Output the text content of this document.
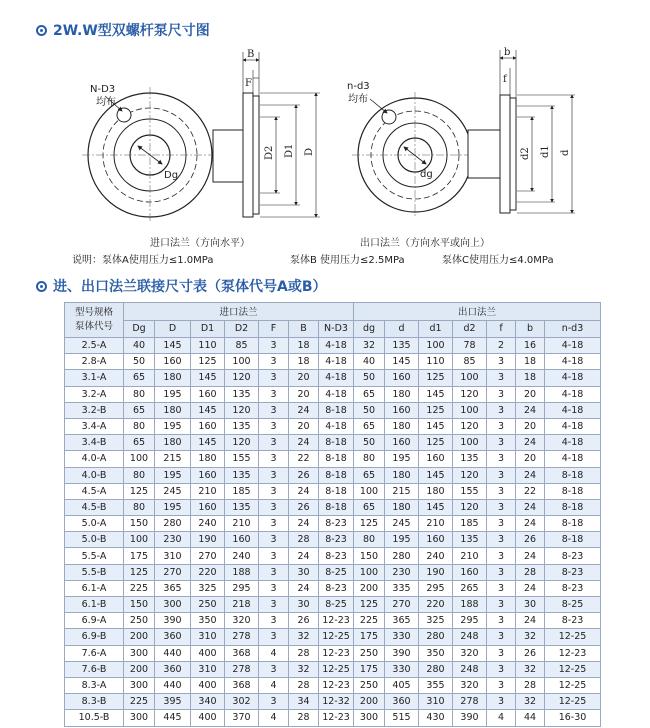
2W.W型双螺杆泵尺寸图
N-D3
均布
Dg
B
F
D2 D1 D
n-d3
均布
dg
b
f
d2 d1 d
进口法兰（方向水平）	出口法兰（方向水平或向上）
说明：泵体A使用压力≤1.0MPa	泵体B 使用压力≤2.5MPa	泵体C使用压力≤4.0MPa
进、出口法兰联接尺寸表（泵体代号A或B）
型号规格
泵体代号	进口法兰							出口法兰						
	Dg	D	D1	D2	F	B	N-D3	dg	d	d1	d2	f	b	n-d3
2.5-A	40	145	110	85	3	18	4-18	32	135	100	78	2	16	4-18
2.8-A	50	160	125	100	3	18	4-18	40	145	110	85	3	18	4-18
3.1-A	65	180	145	120	3	20	4-18	50	160	125	100	3	18	4-18
3.2-A	80	195	160	135	3	20	4-18	65	180	145	120	3	20	4-18
3.2-B	65	180	145	120	3	24	8-18	50	160	125	100	3	24	4-18
3.4-A	80	195	160	135	3	20	4-18	65	180	145	120	3	20	4-18
3.4-B	65	180	145	120	3	24	8-18	50	160	125	100	3	24	4-18
4.0-A	100	215	180	155	3	22	8-18	80	195	160	135	3	20	4-18
4.0-B	80	195	160	135	3	26	8-18	65	180	145	120	3	24	8-18
4.5-A	125	245	210	185	3	24	8-18	100	215	180	155	3	22	8-18
4.5-B	80	195	160	135	3	26	8-18	65	180	145	120	3	24	8-18
5.0-A	150	280	240	210	3	24	8-23	125	245	210	185	3	24	8-18
5.0-B	100	230	190	160	3	28	8-23	80	195	160	135	3	26	8-18
5.5-A	175	310	270	240	3	24	8-23	150	280	240	210	3	24	8-23
5.5-B	125	270	220	188	3	30	8-25	100	230	190	160	3	28	8-23
6.1-A	225	365	325	295	3	24	8-23	200	335	295	265	3	24	8-23
6.1-B	150	300	250	218	3	30	8-25	125	270	220	188	3	30	8-25
6.9-A	250	390	350	320	3	26	12-23	225	365	325	295	3	24	8-23
6.9-B	200	360	310	278	3	32	12-25	175	330	280	248	3	32	12-25
7.6-A	300	440	400	368	4	28	12-23	250	390	350	320	3	26	12-23
7.6-B	200	360	310	278	3	32	12-25	175	330	280	248	3	32	12-25
8.3-A	300	440	400	368	4	28	12-23	250	405	355	320	3	28	12-25
8.3-B	225	395	340	302	3	34	12-32	200	360	310	278	3	32	12-25
10.5-B	300	445	400	370	4	28	12-23	300	515	430	390	4	44	16-30
